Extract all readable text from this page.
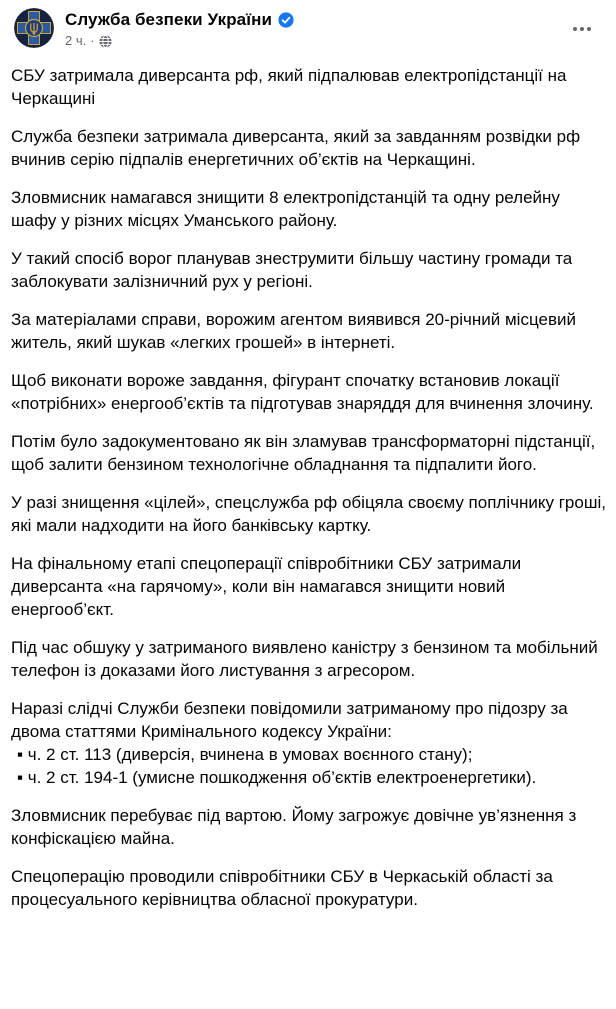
Служба безпеки України
2 ч. ·

СБУ затримала диверсанта рф, який підпалював електропідстанції на Черкащині

Служба безпеки затримала диверсанта, який за завданням розвідки рф вчинив серію підпалів енергетичних об’єктів на Черкащині.

Зловмисник намагався знищити 8 електропідстанцій та одну релейну шафу у різних місцях Уманського району.

У такий спосіб ворог планував знеструмити більшу частину громади та заблокувати залізничний рух у регіоні.

За матеріалами справи, ворожим агентом виявився 20-річний місцевий житель, який шукав «легких грошей» в інтернеті.

Щоб виконати вороже завдання, фігурант спочатку встановив локації «потрібних» енергооб’єктів та підготував знаряддя для вчинення злочину.

Потім було задокументовано як він зламував трансформаторні підстанції, щоб залити бензином технологічне обладнання та підпалити його.

У разі знищення «цілей», спецслужба рф обіцяла своєму поплічнику гроші, які мали надходити на його банківську картку.

На фінальному етапі спецоперації співробітники СБУ затримали диверсанта «на гарячому», коли він намагався знищити новий енергооб’єкт.

Під час обшуку у затриманого виявлено каністру з бензином та мобільний телефон із доказами його листування з агресором.

Наразі слідчі Служби безпеки повідомили затриманому про підозру за двома статтями Кримінального кодексу України:

▪ ч. 2 ст. 113 (диверсія, вчинена в умовах воєнного стану);

▪ ч. 2 ст. 194-1 (умисне пошкодження об’єктів електроенергетики).

Зловмисник перебуває під вартою. Йому загрожує довічне ув’язнення з конфіскацією майна.

Спецоперацію проводили співробітники СБУ в Черкаській області за процесуального керівництва обласної прокуратури.
